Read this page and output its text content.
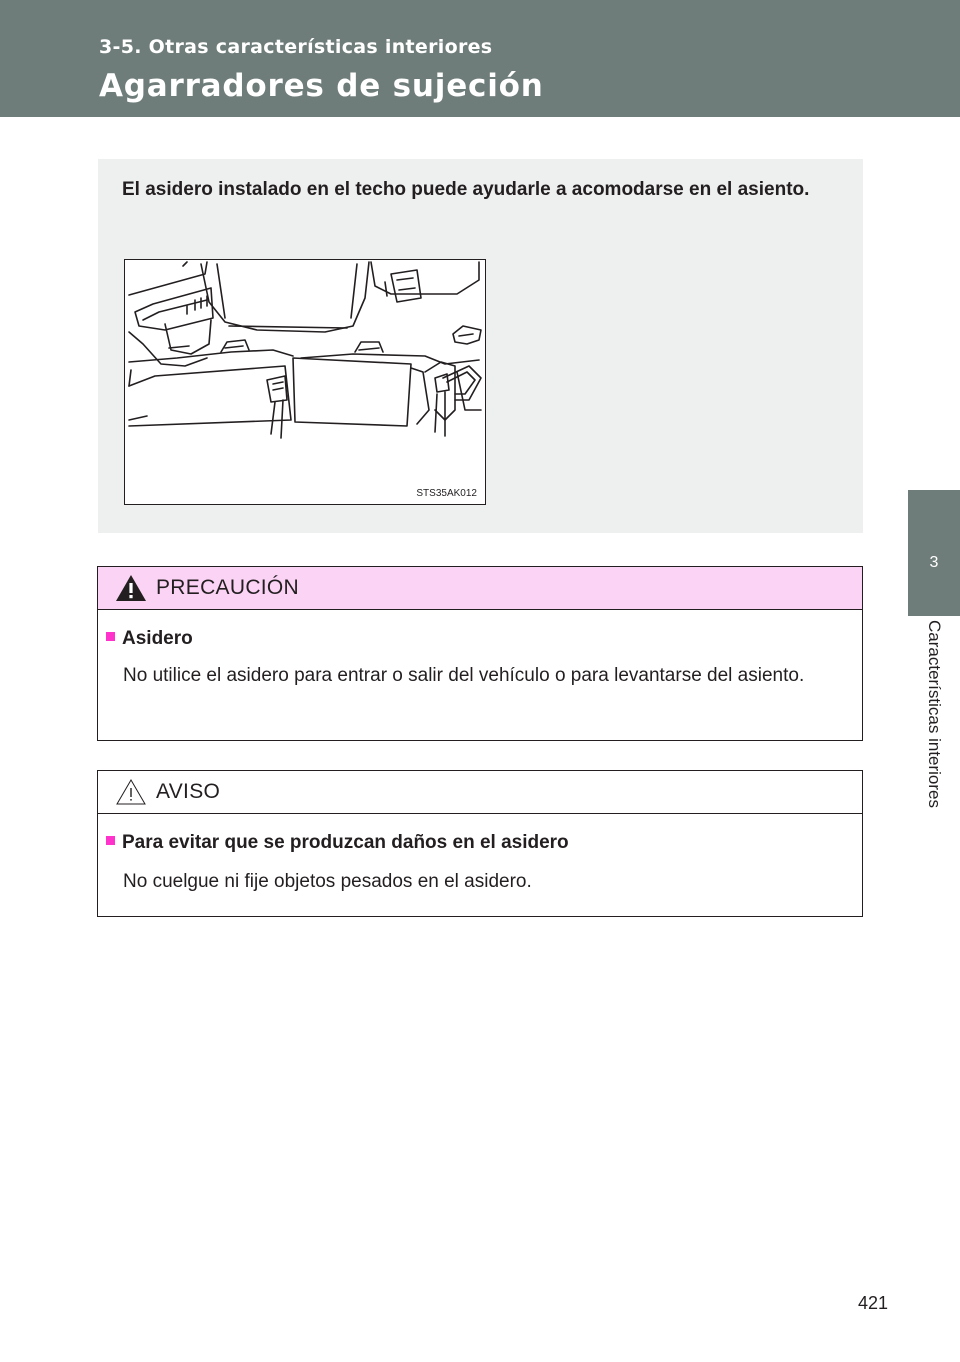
3-5. Otras características interiores
Agarradores de sujeción
3
Características interiores
El asidero instalado en el techo puede ayudarle a acomodarse en el asiento.
STS35AK012
PRECAUCIÓN
Asidero
No utilice el asidero para entrar o salir del vehículo o para levantarse del asiento.
AVISO
Para evitar que se produzcan daños en el asidero
No cuelgue ni fije objetos pesados en el asidero.
421
